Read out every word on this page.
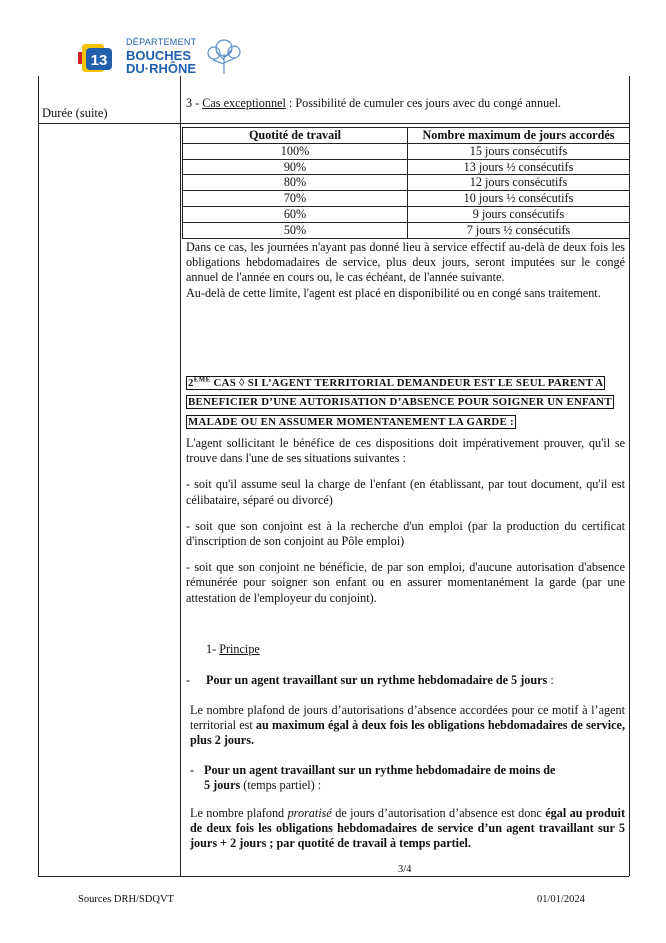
13
DÉPARTEMENT
BOUCHES
DU·RHÔNE
Durée (suite)
3 - Cas exceptionnel : Possibilité de cumuler ces jours avec du congé annuel.
Quotité de travail	Nombre maximum de jours accordés
100%	15 jours consécutifs
90%	13 jours ½ consécutifs
80%	12 jours consécutifs
70%	10 jours ½ consécutifs
60%	9 jours consécutifs
50%	7 jours ½ consécutifs

Dans ce cas, les journées n'ayant pas donné lieu à service effectif au-delà de deux fois les obligations hebdomadaires de service, plus deux jours, seront imputées sur le congé annuel de l'année en cours ou, le cas échéant, de l'année suivante.

Au-delà de cette limite, l'agent est placé en disponibilité ou en congé sans traitement.

2EME CAS ◊ SI L’AGENT TERRITORIAL DEMANDEUR EST LE SEUL PARENT A
BENEFICIER D’UNE AUTORISATION D’ABSENCE POUR SOIGNER UN ENFANT
MALADE OU EN ASSUMER MOMENTANEMENT LA GARDE :

L'agent sollicitant le bénéfice de ces dispositions doit impérativement prouver, qu'il se trouve dans l'une de ses situations suivantes :

- soit qu'il assume seul la charge de l'enfant (en établissant, par tout document, qu'il est célibataire, séparé ou divorcé)

- soit que son conjoint est à la recherche d'un emploi (par la production du certificat d'inscription de son conjoint au Pôle emploi)

- soit que son conjoint ne bénéficie, de par son emploi, d'aucune autorisation d'absence rémunérée pour soigner son enfant ou en assurer momentanément la garde (par une attestation de l'employeur du conjoint).

1- Principe
- Pour un agent travaillant sur un rythme hebdomadaire de 5 jours :
Le nombre plafond de jours d’autorisations d’absence accordées pour ce motif à l’agent territorial est au maximum égal à deux fois les obligations hebdomadaires de service, plus 2 jours.
- Pour un agent travaillant sur un rythme hebdomadaire de moins de
5 jours (temps partiel) :
Le nombre plafond proratisé de jours d’autorisation d’absence est donc égal au produit de deux fois les obligations hebdomadaires de service d’un agent travaillant sur 5 jours + 2 jours ; par quotité de travail à temps partiel.
3/4
Sources DRH/SDQVT	01/01/2024
